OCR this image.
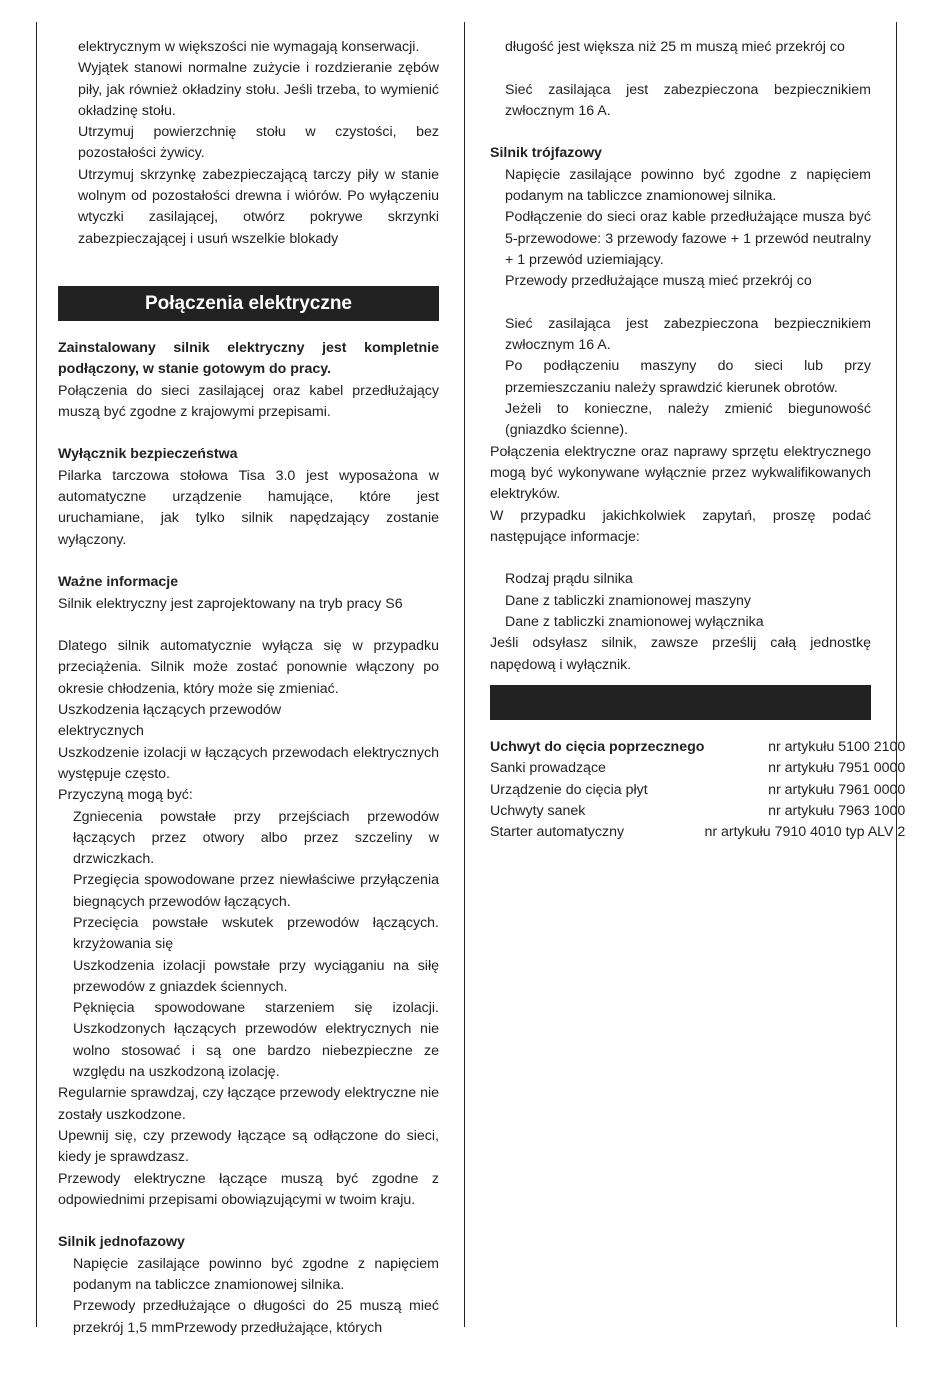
elektrycznym w większości nie wymagają konserwacji.

Wyjątek stanowi normalne zużycie i rozdzieranie zębów piły, jak również okładziny stołu. Jeśli trzeba, to wymienić okładzinę stołu.

Utrzymuj powierzchnię stołu w czystości, bez pozostałości żywicy.

Utrzymuj skrzynkę zabezpieczającą tarczy piły w stanie wolnym od pozostałości drewna i wiórów. Po wyłączeniu wtyczki zasilającej, otwórz pokrywe skrzynki zabezpieczającej i usuń wszelkie blokady

Połączenia elektryczne

Zainstalowany silnik elektryczny jest kompletnie podłączony, w stanie gotowym do pracy.

Połączenia do sieci zasilającej oraz kabel przedłużający muszą być zgodne z krajowymi przepisami.

Wyłącznik bezpieczeństwa

Pilarka tarczowa stołowa Tisa 3.0 jest wyposażona w automatyczne urządzenie hamujące, które jest uruchamiane, jak tylko silnik napędzający zostanie wyłączony.

Ważne informacje

Silnik elektryczny jest zaprojektowany na tryb pracy S6

Dlatego silnik automatycznie wyłącza się w przypadku przeciążenia. Silnik może zostać ponownie włączony po okresie chłodzenia, który może się zmieniać.

Uszkodzenia łączących przewodów

elektrycznych

Uszkodzenie izolacji w łączących przewodach elektrycznych występuje często.

Przyczyną mogą być:

Zgniecenia powstałe przy przejściach przewodów łączących przez otwory albo przez szczeliny w drzwiczkach.

Przegięcia spowodowane przez niewłaściwe przyłączenia biegnących przewodów łączących.

Przecięcia powstałe wskutek przewodów łączących. krzyżowania się

Uszkodzenia izolacji powstałe przy wyciąganiu na siłę przewodów z gniazdek ściennych.

Pęknięcia spowodowane starzeniem się izolacji. Uszkodzonych łączących przewodów elektrycznych nie wolno stosować i są one bardzo niebezpieczne ze względu na uszkodzoną izolację.

Regularnie sprawdzaj, czy łączące przewody elektryczne nie zostały uszkodzone.

Upewnij się, czy przewody łączące są odłączone do sieci, kiedy je sprawdzasz.

Przewody elektryczne łączące muszą być zgodne z odpowiednimi przepisami obowiązującymi w twoim kraju.

Silnik jednofazowy

Napięcie zasilające powinno być zgodne z napięciem podanym na tabliczce znamionowej silnika.

Przewody przedłużające o długości do 25 muszą mieć przekrój 1,5 mmPrzewody przedłużające, których

długość jest większa niż 25 m muszą mieć przekrój co

Sieć zasilająca jest zabezpieczona bezpiecznikiem zwłocznym 16 A.

Silnik trójfazowy

Napięcie zasilające powinno być zgodne z napięciem podanym na tabliczce znamionowej silnika.

Podłączenie do sieci oraz kable przedłużające musza być 5-przewodowe: 3 przewody fazowe + 1 przewód neutralny + 1 przewód uziemiający.

Przewody przedłużające muszą mieć przekrój co

Sieć zasilająca jest zabezpieczona bezpiecznikiem zwłocznym 16 A.

Po podłączeniu maszyny do sieci lub przy przemieszczaniu należy sprawdzić kierunek obrotów.

Jeżeli to konieczne, należy zmienić biegunowość (gniazdko ścienne).

Połączenia elektryczne oraz naprawy sprzętu elektrycznego mogą być wykonywane wyłącznie przez wykwalifikowanych elektryków.

W przypadku jakichkolwiek zapytań, proszę podać następujące informacje:

Rodzaj prądu silnika

Dane z tabliczki znamionowej maszyny

Dane z tabliczki znamionowej wyłącznika

Jeśli odsyłasz silnik, zawsze prześlij całą jednostkę napędową i wyłącznik.

Uchwyt do cięcia poprzecznego	nr artykułu 5100 2100
Sanki prowadzące	nr artykułu 7951 0000
Urządzenie do cięcia płyt	nr artykułu 7961 0000
Uchwyty sanek	nr artykułu 7963 1000
Starter automatyczny	nr artykułu 7910 4010 typ ALV 2
